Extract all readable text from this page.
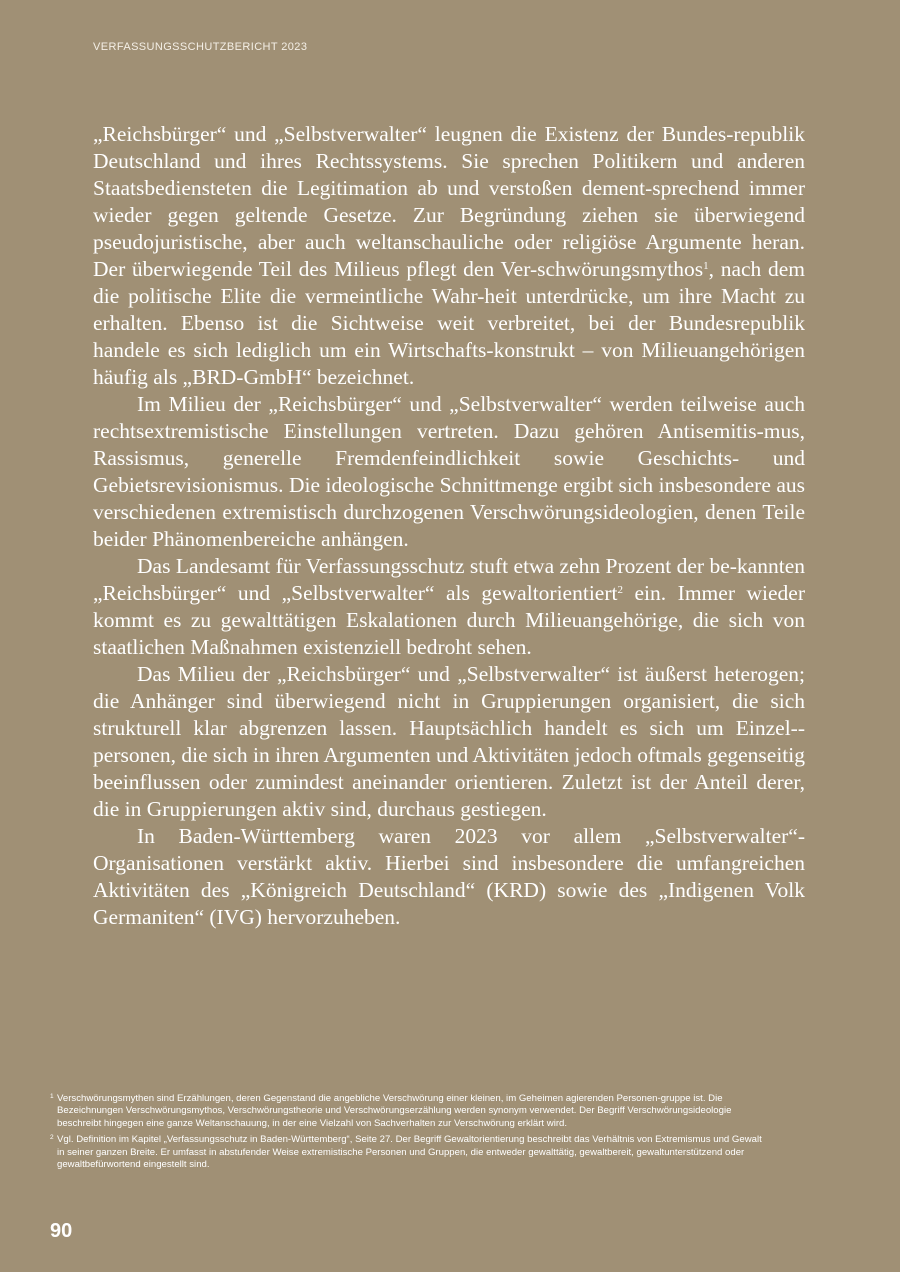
VERFASSUNGSSCHUTZBERICHT 2023

„Reichsbürger“ und „Selbstverwalter“ leugnen die Existenz der Bundes-republik Deutschland und ihres Rechtssystems. Sie sprechen Politikern und anderen Staatsbediensteten die Legitimation ab und verstoßen dement-sprechend immer wieder gegen geltende Gesetze. Zur Begründung ziehen sie überwiegend pseudojuristische, aber auch weltanschauliche oder religiöse Argumente heran. Der überwiegende Teil des Milieus pflegt den Ver-schwörungsmythos$^1$, nach dem die politische Elite die vermeintliche Wahr-heit unterdrücke, um ihre Macht zu erhalten. Ebenso ist die Sichtweise weit verbreitet, bei der Bundesrepublik handele es sich lediglich um ein Wirtschafts-konstrukt – von Milieuangehörigen häufig als „BRD-GmbH“ bezeichnet.

Im Milieu der „Reichsbürger“ und „Selbstverwalter“ werden teilweise auch rechtsextremistische Einstellungen vertreten. Dazu gehören Antisemitis-mus, Rassismus, generelle Fremdenfeindlichkeit sowie Geschichts- und Gebietsrevisionismus. Die ideologische Schnittmenge ergibt sich insbesondere aus verschiedenen extremistisch durchzogenen Verschwörungsideologien, denen Teile beider Phänomenbereiche anhängen.

Das Landesamt für Verfassungsschutz stuft etwa zehn Prozent der be-kannten „Reichsbürger“ und „Selbstverwalter“ als gewaltorientiert$^2$ ein. Immer wieder kommt es zu gewalttätigen Eskalationen durch Milieuangehörige, die sich von staatlichen Maßnahmen existenziell bedroht sehen.

Das Milieu der „Reichsbürger“ und „Selbstverwalter“ ist äußerst heterogen; die Anhänger sind überwiegend nicht in Gruppierungen organisiert, die sich strukturell klar abgrenzen lassen. Hauptsächlich handelt es sich um Einzel-personen, die sich in ihren Argumenten und Aktivitäten jedoch oftmals gegenseitig beeinflussen oder zumindest aneinander orientieren. Zuletzt ist der Anteil derer, die in Gruppierungen aktiv sind, durchaus gestiegen.

In Baden-Württemberg waren 2023 vor allem „Selbstverwalter“-Organisationen verstärkt aktiv. Hierbei sind insbesondere die umfangreichen Aktivitäten des „Königreich Deutschland“ (KRD) sowie des „Indigenen Volk Germaniten“ (IVG) hervorzuheben.

1 Verschwörungsmythen sind Erzählungen, deren Gegenstand die angebliche Verschwörung einer kleinen, im Geheimen agierenden Personen-gruppe ist. Die Bezeichnungen Verschwörungsmythos, Verschwörungstheorie und Verschwörungserzählung werden synonym verwendet. Der Begriff Verschwörungsideologie beschreibt hingegen eine ganze Weltanschauung, in der eine Vielzahl von Sachverhalten zur Verschwörung erklärt wird.
2 Vgl. Definition im Kapitel „Verfassungsschutz in Baden-Württemberg“, Seite 27. Der Begriff Gewaltorientierung beschreibt das Verhältnis von Extremismus und Gewalt in seiner ganzen Breite. Er umfasst in abstufender Weise extremistische Personen und Gruppen, die entweder gewalttätig, gewaltbereit, gewaltunterstützend oder gewaltbefürwortend eingestellt sind.
90
